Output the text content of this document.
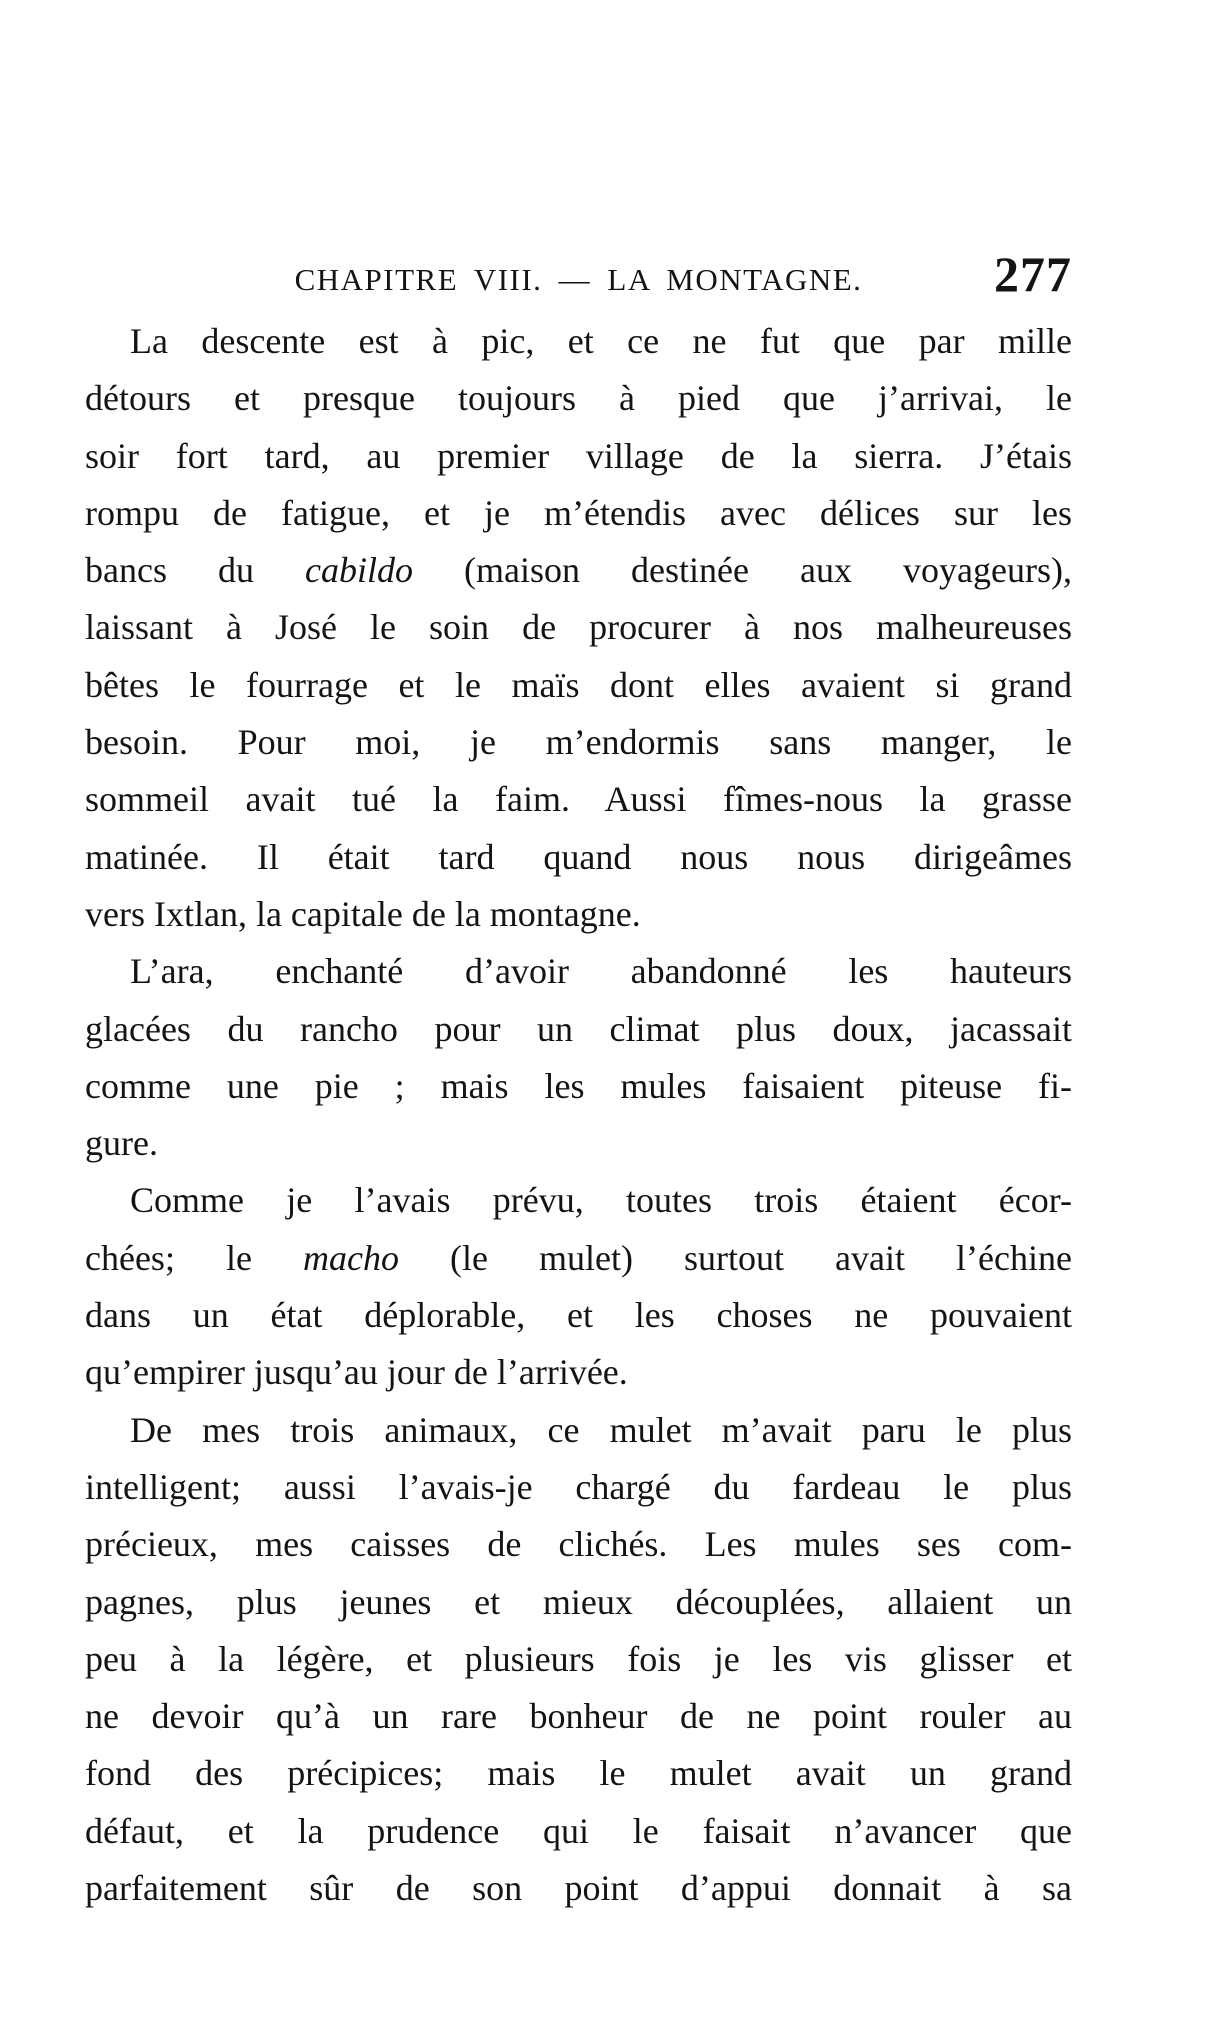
CHAPITRE VIII. — LA MONTAGNE.	277
La descente est à pic, et ce ne fut que par mille
détours et presque toujours à pied que j’arrivai, le
soir fort tard, au premier village de la sierra. J’étais
rompu de fatigue, et je m’étendis avec délices sur les
bancs du cabildo (maison destinée aux voyageurs),
laissant à José le soin de procurer à nos malheureuses
bêtes le fourrage et le maïs dont elles avaient si grand
besoin. Pour moi, je m’endormis sans manger, le
sommeil avait tué la faim. Aussi fîmes-nous la grasse
matinée. Il était tard quand nous nous dirigeâmes
vers Ixtlan, la capitale de la montagne.
L’ara, enchanté d’avoir abandonné les hauteurs
glacées du rancho pour un climat plus doux, jacassait
comme une pie ; mais les mules faisaient piteuse fi-
gure.
Comme je l’avais prévu, toutes trois étaient écor-
chées; le macho (le mulet) surtout avait l’échine
dans un état déplorable, et les choses ne pouvaient
qu’empirer jusqu’au jour de l’arrivée.
De mes trois animaux, ce mulet m’avait paru le plus
intelligent; aussi l’avais-je chargé du fardeau le plus
précieux, mes caisses de clichés. Les mules ses com-
pagnes, plus jeunes et mieux découplées, allaient un
peu à la légère, et plusieurs fois je les vis glisser et
ne devoir qu’à un rare bonheur de ne point rouler au
fond des précipices; mais le mulet avait un grand
défaut, et la prudence qui le faisait n’avancer que
parfaitement sûr de son point d’appui donnait à sa
